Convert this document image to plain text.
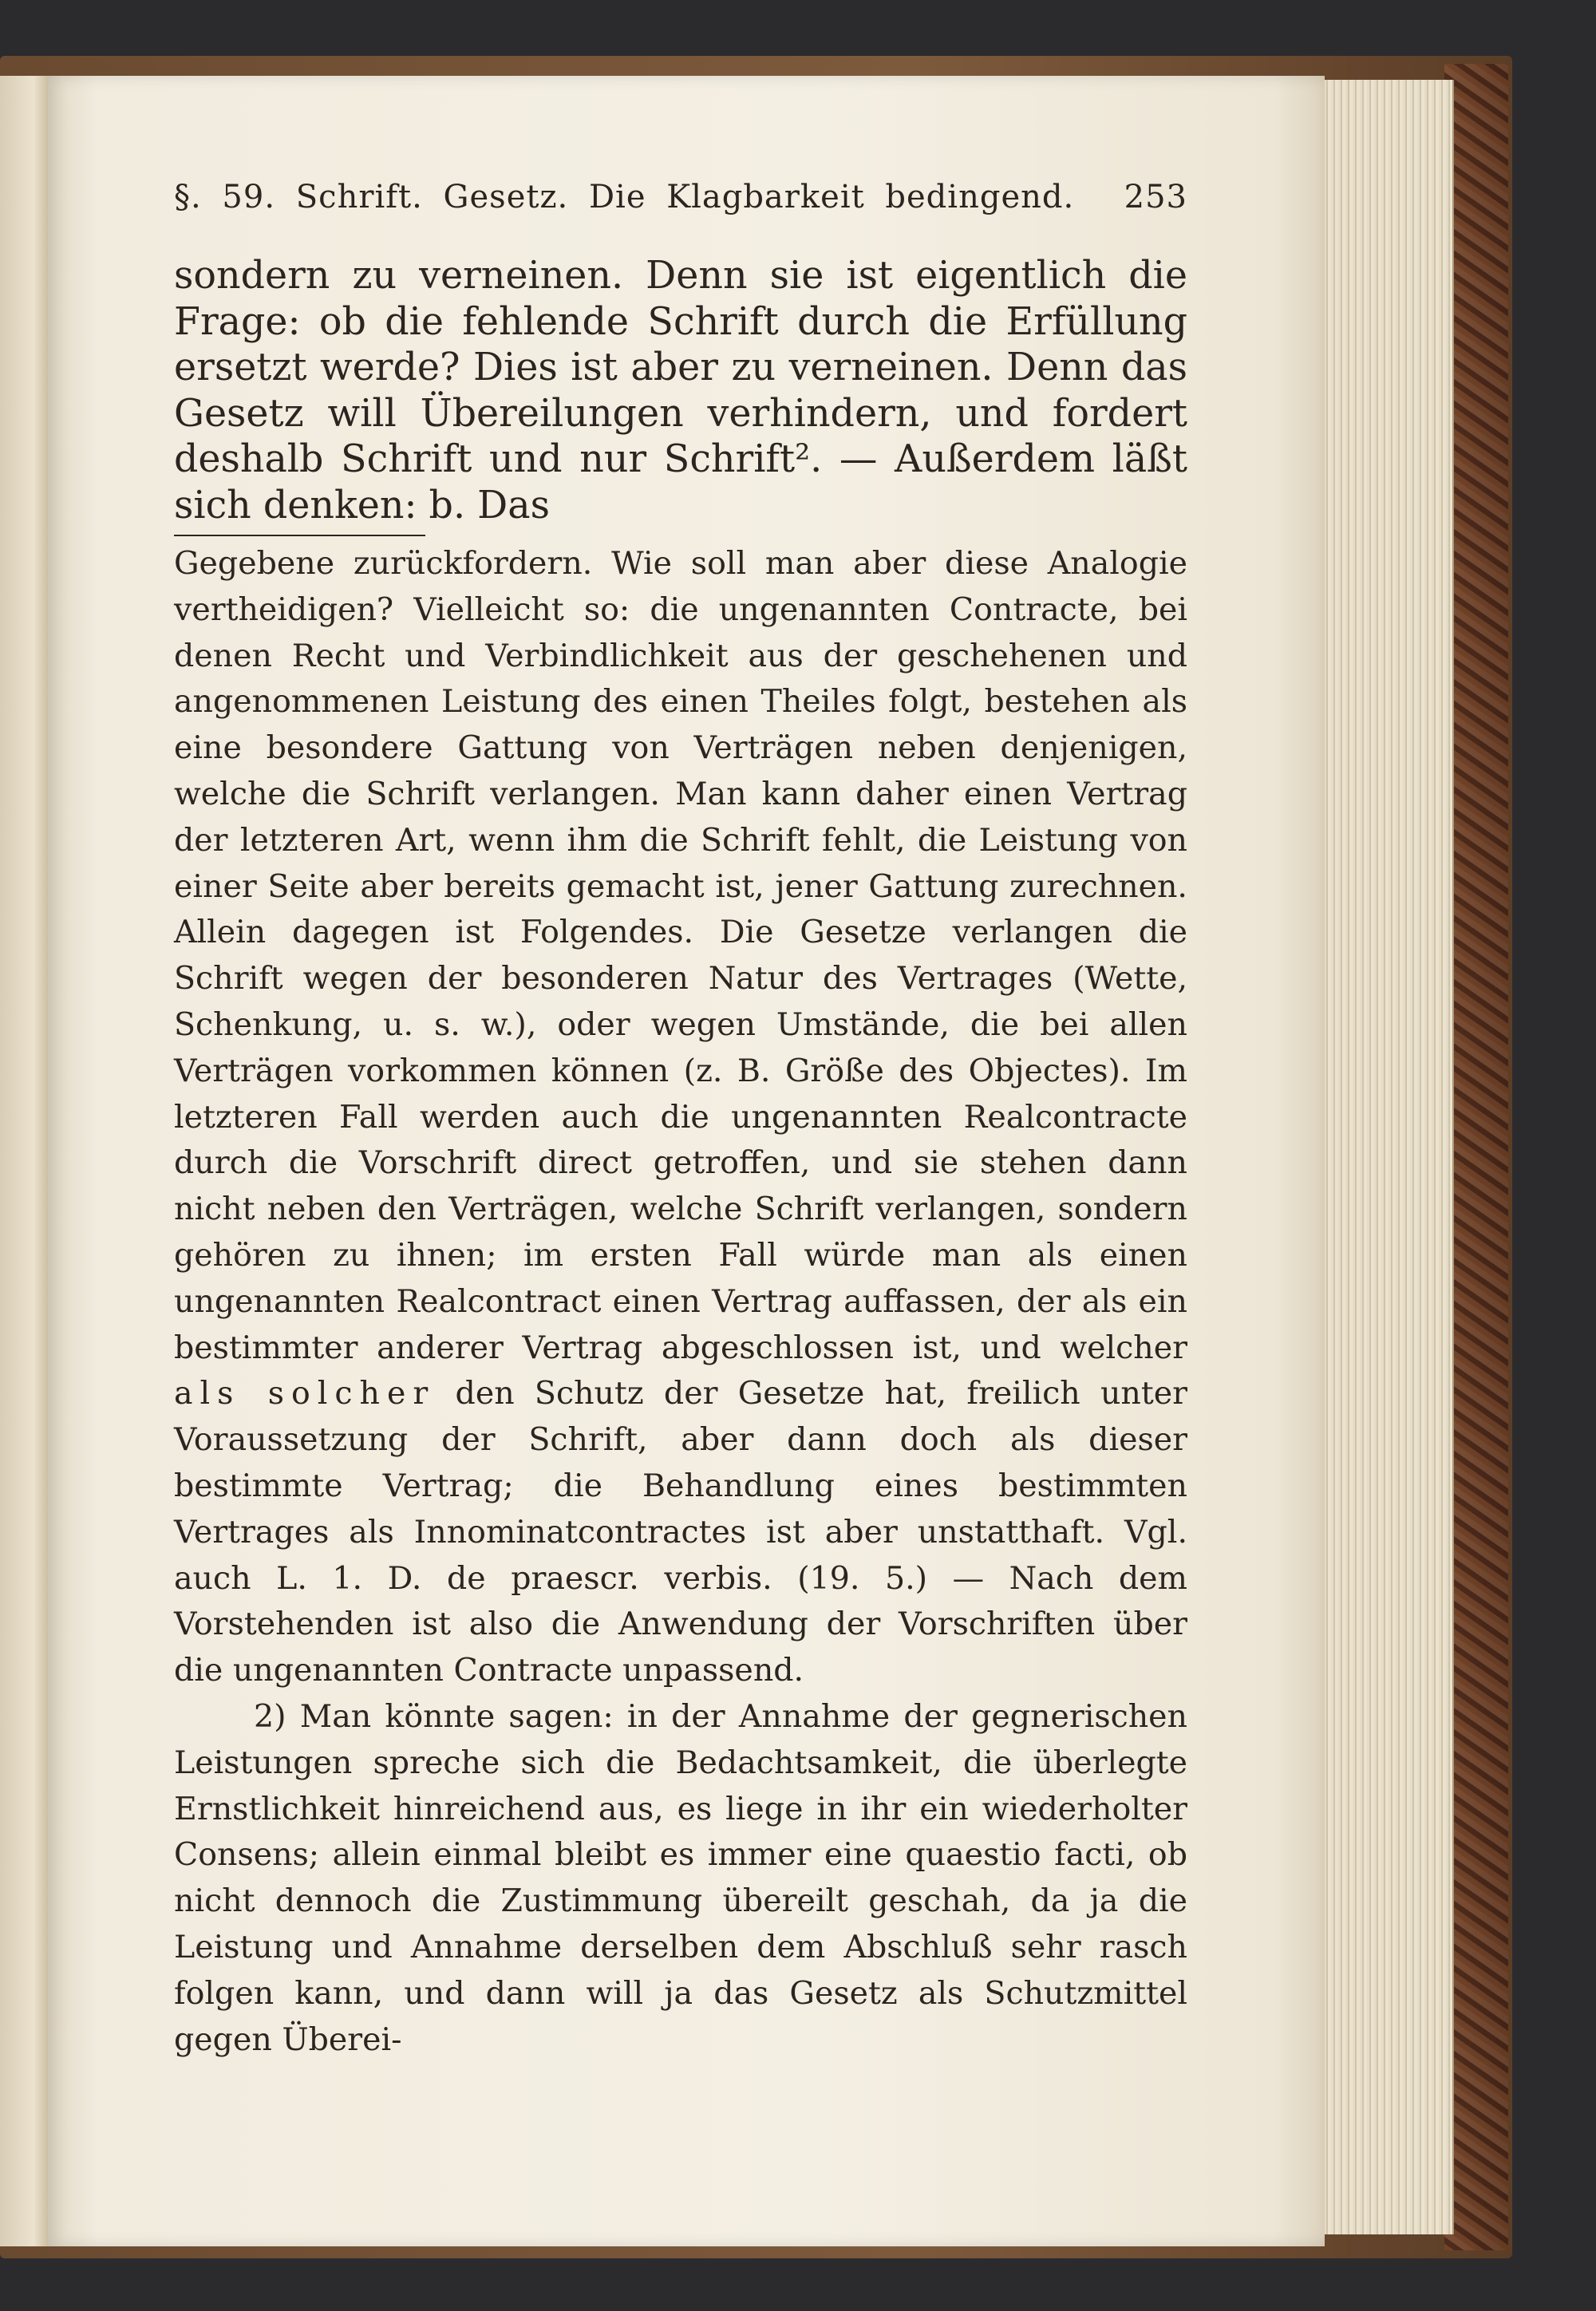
§. 59. Schrift. Gesetz. Die Klagbarkeit bedingend. 253

sondern zu verneinen. Denn sie ist eigentlich die Frage: ob die fehlende Schrift durch die Erfüllung ersetzt werde? Dies ist aber zu verneinen. Denn das Gesetz will Übereilungen verhindern, und fordert deshalb Schrift und nur Schrift². — Außerdem läßt sich denken: b. Das

Gegebene zurückfordern. Wie soll man aber diese Analogie vertheidigen? Vielleicht so: die ungenannten Contracte, bei denen Recht und Verbindlichkeit aus der geschehenen und angenommenen Leistung des einen Theiles folgt, bestehen als eine besondere Gattung von Verträgen neben denjenigen, welche die Schrift verlangen. Man kann daher einen Vertrag der letzteren Art, wenn ihm die Schrift fehlt, die Leistung von einer Seite aber bereits gemacht ist, jener Gattung zurechnen. Allein dagegen ist Folgendes. Die Gesetze verlangen die Schrift wegen der besonderen Natur des Vertrages (Wette, Schenkung, u. s. w.), oder wegen Umstände, die bei allen Verträgen vorkommen können (z. B. Größe des Objectes). Im letzteren Fall werden auch die ungenannten Realcontracte durch die Vorschrift direct getroffen, und sie stehen dann nicht neben den Verträgen, welche Schrift verlangen, sondern gehören zu ihnen; im ersten Fall würde man als einen ungenannten Realcontract einen Vertrag auffassen, der als ein bestimmter anderer Vertrag abgeschlossen ist, und welcher als solcher den Schutz der Gesetze hat, freilich unter Voraussetzung der Schrift, aber dann doch als dieser bestimmte Vertrag; die Behandlung eines bestimmten Vertrages als Innominatcontractes ist aber unstatthaft. Vgl. auch L. 1. D. de praescr. verbis. (19. 5.) — Nach dem Vorstehenden ist also die Anwendung der Vorschriften über die ungenannten Contracte unpassend.

2) Man könnte sagen: in der Annahme der gegnerischen Leistungen spreche sich die Bedachtsamkeit, die überlegte Ernstlichkeit hinreichend aus, es liege in ihr ein wiederholter Consens; allein einmal bleibt es immer eine quaestio facti, ob nicht dennoch die Zustimmung übereilt geschah, da ja die Leistung und Annahme derselben dem Abschluß sehr rasch folgen kann, und dann will ja das Gesetz als Schutzmittel gegen Überei-
